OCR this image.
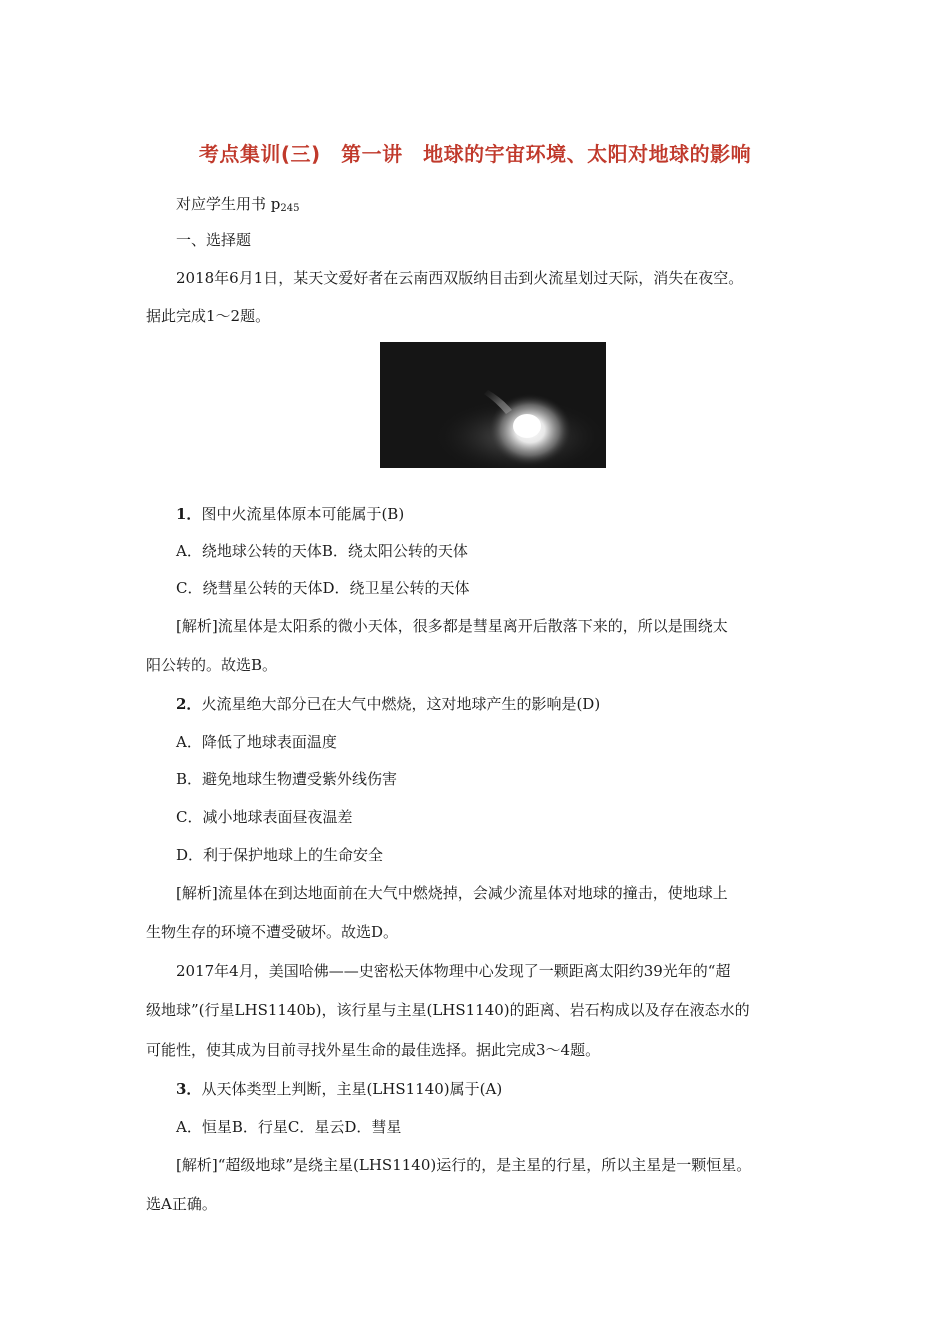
考点集训(三)　第一讲　地球的宇宙环境、太阳对地球的影响
对应学生用书 $p_{245}$
一、选择题
2018年6月1日，某天文爱好者在云南西双版纳目击到火流星划过天际，消失在夜空。
据此完成1～2题。
1．图中火流星体原本可能属于(B)
A．绕地球公转的天体B．绕太阳公转的天体
C．绕彗星公转的天体D．绕卫星公转的天体
[解析]流星体是太阳系的微小天体，很多都是彗星离开后散落下来的，所以是围绕太
阳公转的。故选B。
2．火流星绝大部分已在大气中燃烧，这对地球产生的影响是(D)
A．降低了地球表面温度
B．避免地球生物遭受紫外线伤害
C．减小地球表面昼夜温差
D．利于保护地球上的生命安全
[解析]流星体在到达地面前在大气中燃烧掉，会减少流星体对地球的撞击，使地球上
生物生存的环境不遭受破坏。故选D。
2017年4月，美国哈佛——史密松天体物理中心发现了一颗距离太阳约39光年的“超
级地球”(行星LHS1140b)，该行星与主星(LHS1140)的距离、岩石构成以及存在液态水的
可能性，使其成为目前寻找外星生命的最佳选择。据此完成3～4题。
3．从天体类型上判断，主星(LHS1140)属于(A)
A．恒星B．行星C．星云D．彗星
[解析]“超级地球”是绕主星(LHS1140)运行的，是主星的行星，所以主星是一颗恒星。
选A正确。
